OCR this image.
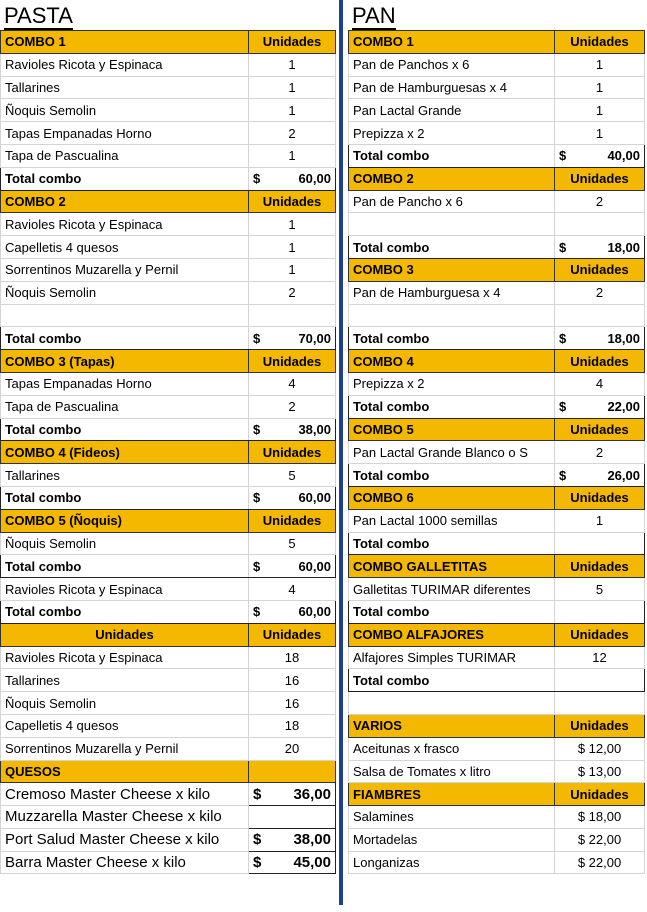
PASTA
COMBO 1	Unidades
Ravioles Ricota y Espinaca	1
Tallarines	1
Ñoquis Semolin	1
Tapas Empanadas Horno	2
Tapa de Pascualina	1
Total combo	$ 60,00

COMBO 2	Unidades
Ravioles Ricota y Espinaca	1
Capelletis 4 quesos	1
Sorrentinos Muzarella y Pernil	1
Ñoquis Semolin	2

Total combo	$ 70,00

COMBO 3 (Tapas)	Unidades
Tapas Empanadas Horno	4
Tapa de Pascualina	2
Total combo	$ 38,00

COMBO 4 (Fideos)	Unidades
Tallarines	5
Total combo	$ 60,00

COMBO 5 (Ñoquis)	Unidades
Ñoquis Semolin	5
Total combo	$ 60,00

Ravioles Ricota y Espinaca	4
Total combo	$ 60,00

Unidades	Unidades
Ravioles Ricota y Espinaca	18
Tallarines	16
Ñoquis Semolin	16
Capelletis 4 quesos	18
Sorrentinos Muzarella y Pernil	20
QUESOS	
Cremoso Master Cheese x kilo	$ 36,00

Muzzarella Master Cheese x kilo	
Port Salud Master Cheese x kilo	$ 38,00

Barra Master Cheese x kilo	$ 45,00
PAN
COMBO 1	Unidades
Pan de Panchos x 6	1
Pan de Hamburguesas x 4	1
Pan Lactal Grande	1
Prepizza x 2	1
Total combo	$ 40,00

COMBO 2	Unidades
Pan de Pancho x 6	2

Total combo	$ 18,00

COMBO 3	Unidades
Pan de Hamburguesa x 4	2

Total combo	$ 18,00

COMBO 4	Unidades
Prepizza x 2	4
Total combo	$ 22,00

COMBO 5	Unidades
Pan Lactal Grande Blanco o S	2
Total combo	$ 26,00

COMBO 6	Unidades
Pan Lactal 1000 semillas	1
Total combo	
COMBO GALLETITAS	Unidades
Galletitas TURIMAR diferentes	5
Total combo	
COMBO ALFAJORES	Unidades
Alfajores Simples TURIMAR	12
Total combo	

VARIOS	Unidades
Aceitunas x frasco	$ 12,00
Salsa de Tomates x litro	$ 13,00
FIAMBRES	Unidades
Salamines	$ 18,00
Mortadelas	$ 22,00
Longanizas	$ 22,00
